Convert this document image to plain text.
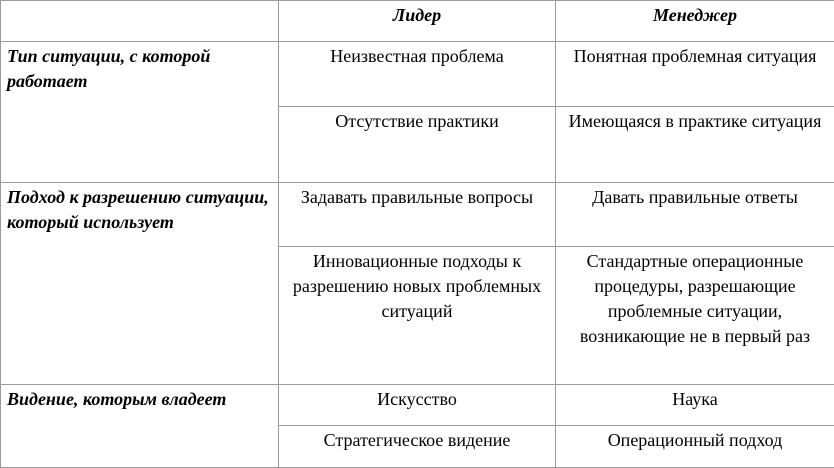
	Лидер	Менеджер
Тип ситуации, с которой работает	Неизвестная проблема	Понятная проблемная ситуация
	Отсутствие практики	Имеющаяся в практике ситуация
Подход к разрешению ситуации, который использует	Задавать правильные вопросы	Давать правильные ответы
	Инновационные подходы к разрешению новых проблемных ситуаций	Стандартные операционные процедуры, разрешающие проблемные ситуации, возникающие не в первый раз
Видение, которым владеет	Искусство	Наука
	Стратегическое видение	Операционный подход
